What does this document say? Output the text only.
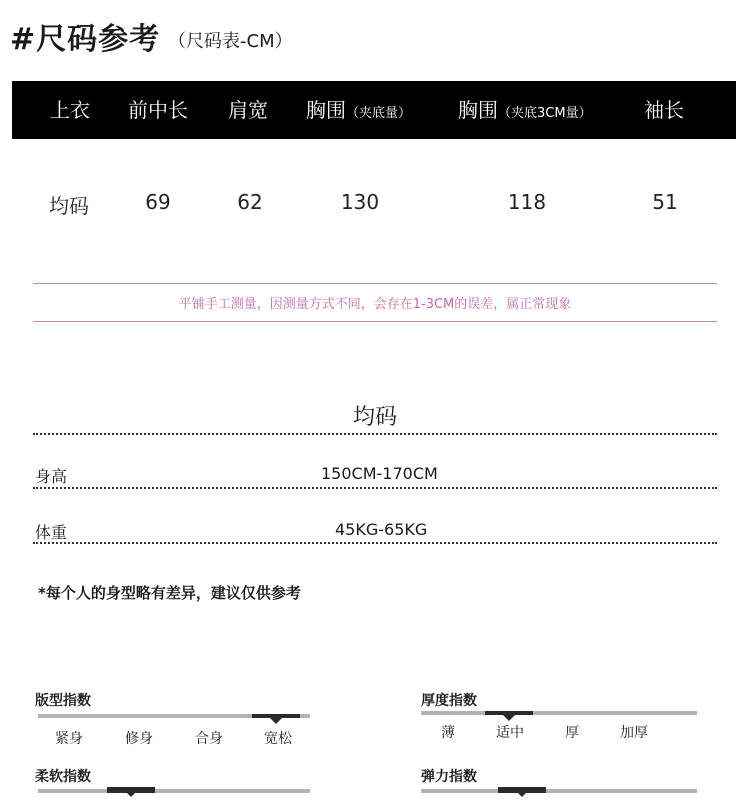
#尺码参考 （尺码表-CM）
上衣 前中长 肩宽 胸围（夹底量） 胸围（夹底3CM量）	袖长
均码	69	62	130	118	51
平铺手工测量，因测量方式不同，会存在1-3CM的误差，属正常现象
均码
身高	150CM-170CM
体重	45KG-65KG
*每个人的身型略有差异，建议仅供参考
版型指数
紧身	修身	合身	宽松
厚度指数
薄	适中	厚	加厚
柔软指数	弹力指数
